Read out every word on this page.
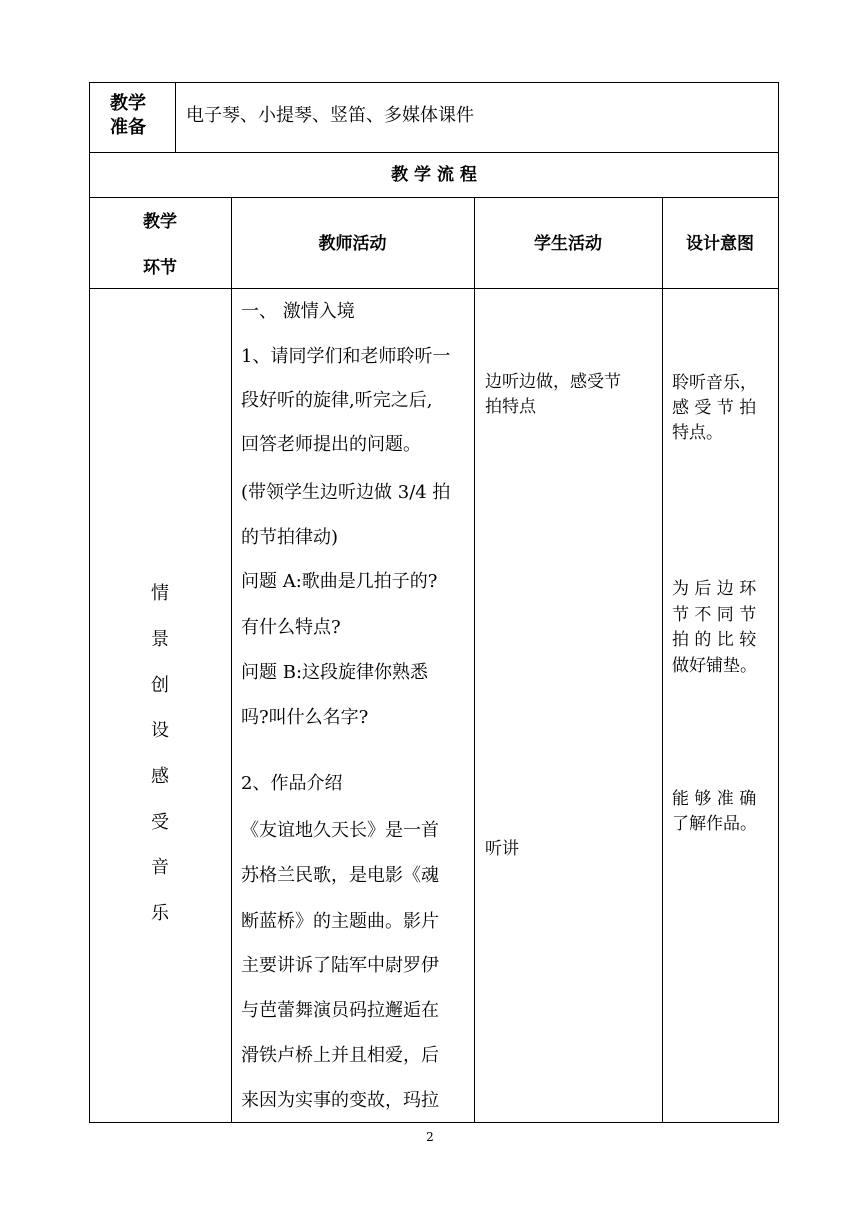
教学
准备
电子琴、小提琴、竖笛、多媒体课件
教 学 流 程
教学
环节
教师活动	学生活动	设计意图
情
景
创
设
感
受
音
乐
一、 激情入境
1、请同学们和老师聆听一
段好听的旋律,听完之后,
回答老师提出的问题。
(带领学生边听边做 3/4 拍
的节拍律动)
问题 A:歌曲是几拍子的?
有什么特点?
问题 B:这段旋律你熟悉
吗?叫什么名字?
2、作品介绍
《友谊地久天长》是一首
苏格兰民歌，是电影《魂
断蓝桥》的主题曲。影片
主要讲诉了陆军中尉罗伊
与芭蕾舞演员码拉邂逅在
滑铁卢桥上并且相爱，后
来因为实事的变故，玛拉
边听边做，感受节
拍特点
听讲
聆听音乐，
感 受 节 拍
特点。
为 后 边 环
节 不 同 节
拍 的 比 较
做好铺垫。
能 够 准 确
了解作品。
2
